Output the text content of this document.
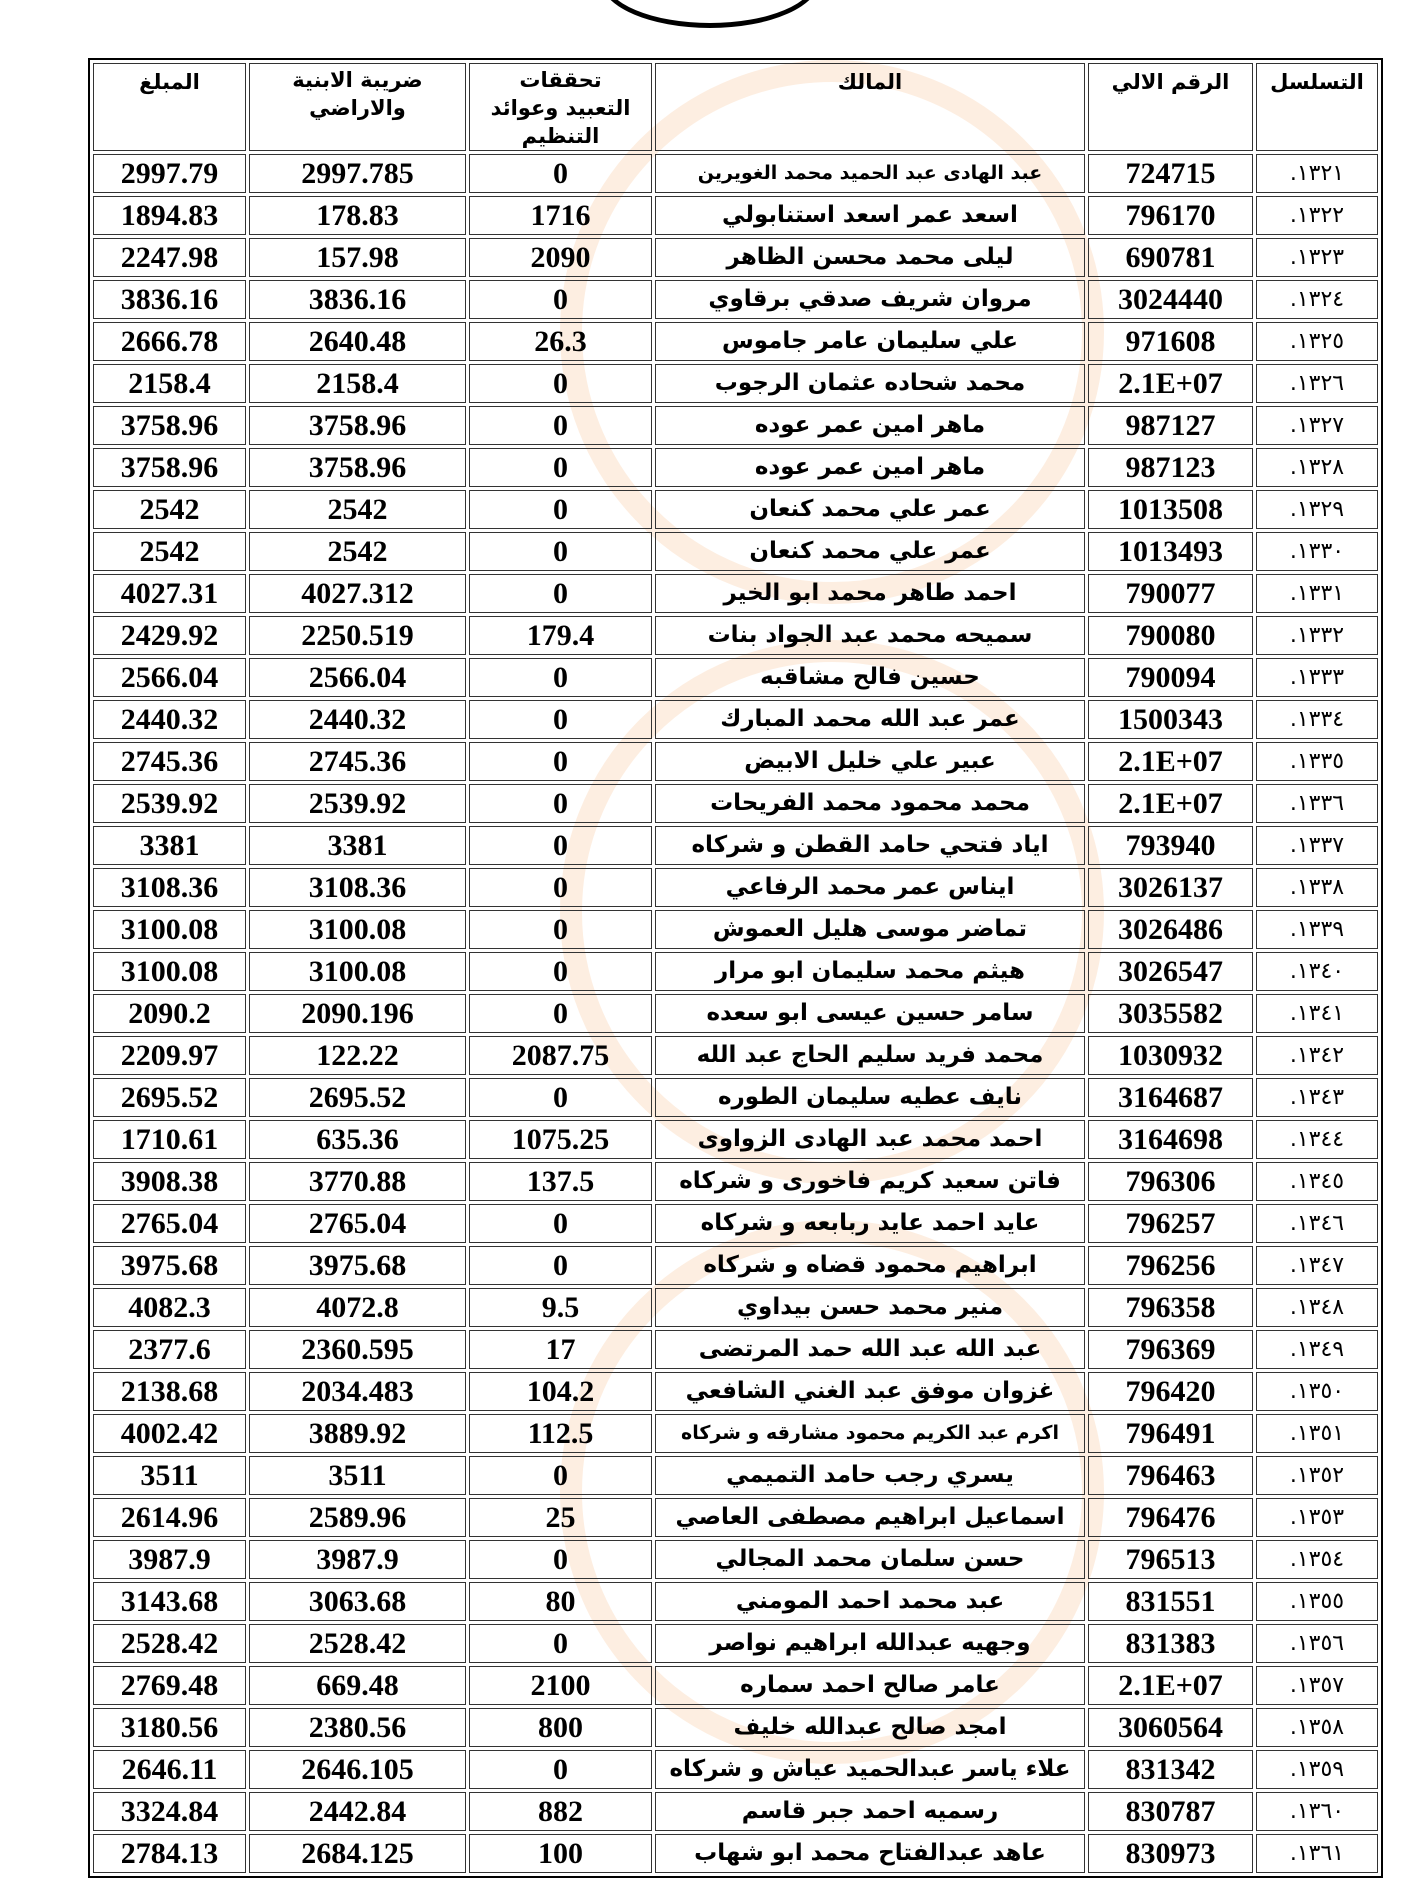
التسلسل	الرقم الالي	المالك	تحققات التعبيد وعوائد التنظيم	ضريبة الابنية والاراضي	المبلغ
.١٣٢١	724715	عبد الهادى عبد الحميد محمد الغويرين	0	2997.785	2997.79
.١٣٢٢	796170	اسعد عمر اسعد استنابولي	1716	178.83	1894.83
.١٣٢٣	690781	ليلى محمد محسن الظاهر	2090	157.98	2247.98
.١٣٢٤	3024440	مروان شريف صدقي برقاوي	0	3836.16	3836.16
.١٣٢٥	971608	علي سليمان عامر جاموس	26.3	2640.48	2666.78
.١٣٢٦	2.1E+07	محمد شحاده عثمان الرجوب	0	2158.4	2158.4
.١٣٢٧	987127	ماهر امين عمر عوده	0	3758.96	3758.96
.١٣٢٨	987123	ماهر امين عمر عوده	0	3758.96	3758.96
.١٣٢٩	1013508	عمر علي محمد كنعان	0	2542	2542
.١٣٣٠	1013493	عمر علي محمد كنعان	0	2542	2542
.١٣٣١	790077	احمد طاهر محمد ابو الخير	0	4027.312	4027.31
.١٣٣٢	790080	سميحه محمد عبد الجواد بنات	179.4	2250.519	2429.92
.١٣٣٣	790094	حسين فالح مشاقبه	0	2566.04	2566.04
.١٣٣٤	1500343	عمر عبد الله محمد المبارك	0	2440.32	2440.32
.١٣٣٥	2.1E+07	عبير علي خليل الابيض	0	2745.36	2745.36
.١٣٣٦	2.1E+07	محمد محمود محمد الفريحات	0	2539.92	2539.92
.١٣٣٧	793940	اياد فتحي حامد القطن و شركاه	0	3381	3381
.١٣٣٨	3026137	ايناس عمر محمد الرفاعي	0	3108.36	3108.36
.١٣٣٩	3026486	تماضر موسى هليل العموش	0	3100.08	3100.08
.١٣٤٠	3026547	هيثم محمد سليمان ابو مرار	0	3100.08	3100.08
.١٣٤١	3035582	سامر حسين عيسى ابو سعده	0	2090.196	2090.2
.١٣٤٢	1030932	محمد فريد سليم الحاج عبد الله	2087.75	122.22	2209.97
.١٣٤٣	3164687	نايف عطيه سليمان الطوره	0	2695.52	2695.52
.١٣٤٤	3164698	احمد محمد عبد الهادى الزواوى	1075.25	635.36	1710.61
.١٣٤٥	796306	فاتن سعيد كريم فاخورى و شركاه	137.5	3770.88	3908.38
.١٣٤٦	796257	عايد احمد عايد ربابعه و شركاه	0	2765.04	2765.04
.١٣٤٧	796256	ابراهيم محمود قضاه و شركاه	0	3975.68	3975.68
.١٣٤٨	796358	منير محمد حسن بيداوي	9.5	4072.8	4082.3
.١٣٤٩	796369	عبد الله عبد الله حمد المرتضى	17	2360.595	2377.6
.١٣٥٠	796420	غزوان موفق عبد الغني الشافعي	104.2	2034.483	2138.68
.١٣٥١	796491	اكرم عبد الكريم محمود مشارقه و شركاه	112.5	3889.92	4002.42
.١٣٥٢	796463	يسري رجب حامد التميمي	0	3511	3511
.١٣٥٣	796476	اسماعيل ابراهيم مصطفى العاصي	25	2589.96	2614.96
.١٣٥٤	796513	حسن سلمان محمد المجالي	0	3987.9	3987.9
.١٣٥٥	831551	عبد محمد احمد المومني	80	3063.68	3143.68
.١٣٥٦	831383	وجهيه عبدالله ابراهيم نواصر	0	2528.42	2528.42
.١٣٥٧	2.1E+07	عامر صالح احمد سماره	2100	669.48	2769.48
.١٣٥٨	3060564	امجد صالح عبدالله خليف	800	2380.56	3180.56
.١٣٥٩	831342	علاء ياسر عبدالحميد عياش و شركاه	0	2646.105	2646.11
.١٣٦٠	830787	رسميه احمد جبر قاسم	882	2442.84	3324.84
.١٣٦١	830973	عاهد عبدالفتاح محمد ابو شهاب	100	2684.125	2784.13
